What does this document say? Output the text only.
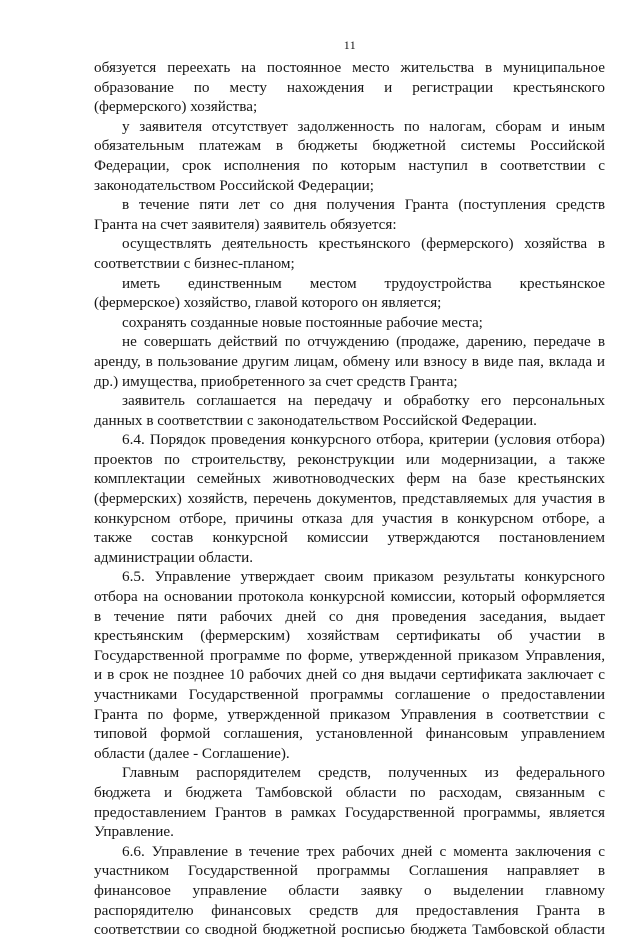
11
обязуется переехать на постоянное место жительства в муниципальное
образование по месту нахождения и регистрации крестьянского
(фермерского) хозяйства;
у заявителя отсутствует задолженность по налогам, сборам и иным
обязательным платежам в бюджеты бюджетной системы Российской
Федерации, срок исполнения по которым наступил в соответствии с
законодательством Российской Федерации;
в течение пяти лет со дня получения Гранта (поступления средств
Гранта на счет заявителя) заявитель обязуется:
осуществлять деятельность крестьянского (фермерского) хозяйства в
соответствии с бизнес-планом;
иметь единственным местом трудоустройства крестьянское
(фермерское) хозяйство, главой которого он является;
сохранять созданные новые постоянные рабочие места;
не совершать действий по отчуждению (продаже, дарению, передаче в
аренду, в пользование другим лицам, обмену или взносу в виде пая, вклада и
др.) имущества, приобретенного за счет средств Гранта;
заявитель соглашается на передачу и обработку его персональных
данных в соответствии с законодательством Российской Федерации.
6.4. Порядок проведения конкурсного отбора, критерии (условия отбора)
проектов по строительству, реконструкции или модернизации, а также
комплектации семейных животноводческих ферм на базе крестьянских
(фермерских) хозяйств, перечень документов, представляемых для участия в
конкурсном отборе, причины отказа для участия в конкурсном отборе, а
также состав конкурсной комиссии утверждаются постановлением
администрации области.
6.5. Управление утверждает своим приказом результаты конкурсного
отбора на основании протокола конкурсной комиссии, который оформляется
в течение пяти рабочих дней со дня проведения заседания, выдает
крестьянским (фермерским) хозяйствам сертификаты об участии в
Государственной программе по форме, утвержденной приказом Управления,
и в срок не позднее 10 рабочих дней со дня выдачи сертификата заключает с
участниками Государственной программы соглашение о предоставлении
Гранта по форме, утвержденной приказом Управления в соответствии с
типовой формой соглашения, установленной финансовым управлением
области (далее - Соглашение).
Главным распорядителем средств, полученных из федерального
бюджета и бюджета Тамбовской области по расходам, связанным с
предоставлением Грантов в рамках Государственной программы, является
Управление.
6.6. Управление в течение трех рабочих дней с момента заключения с
участником Государственной программы Соглашения направляет в
финансовое управление области заявку о выделении главному
распорядителю финансовых средств для предоставления Гранта в
соответствии со сводной бюджетной росписью бюджета Тамбовской области
